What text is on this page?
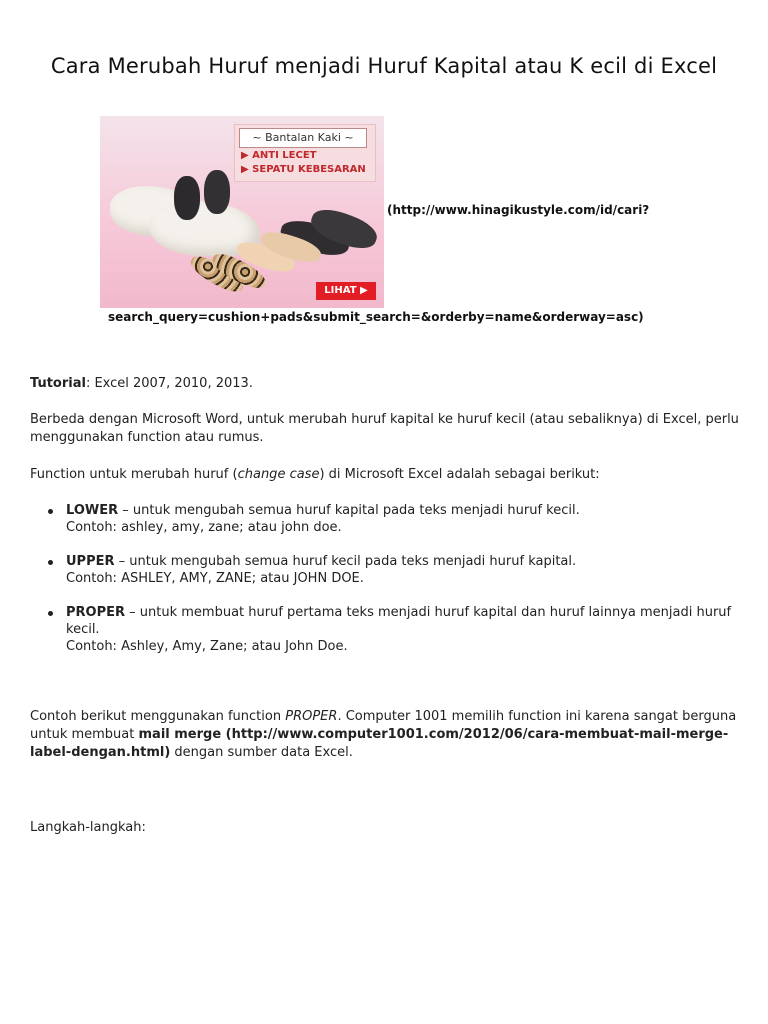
Cara Merubah Huruf menjadi Huruf Kapital atau K ecil di Excel
~ Bantalan Kaki ~
▶ ANTI LECET
▶ SEPATU KEBESARAN
LIHAT ▶
(http://www.hinagikustyle.com/id/cari?
search_query=cushion+pads&submit_search=&orderby=name&orderway=asc)
Tutorial: Excel 2007, 2010, 2013.
Berbeda dengan Microsoft Word, untuk merubah huruf kapital ke huruf kecil (atau sebaliknya) di Excel, perlu menggunakan function atau rumus.
Function untuk merubah huruf (change case) di Microsoft Excel adalah sebagai berikut:
LOWER – untuk mengubah semua huruf kapital pada teks menjadi huruf kecil.
Contoh: ashley, amy, zane; atau john doe.
UPPER – untuk mengubah semua huruf kecil pada teks menjadi huruf kapital.
Contoh: ASHLEY, AMY, ZANE; atau JOHN DOE.
PROPER – untuk membuat huruf pertama teks menjadi huruf kapital dan huruf lainnya menjadi huruf kecil.
Contoh: Ashley, Amy, Zane; atau John Doe.
Contoh berikut menggunakan function PROPER. Computer 1001 memilih function ini karena sangat berguna untuk membuat mail merge (http://www.computer1001.com/2012/06/cara-membuat-mail-merge-label-dengan.html) dengan sumber data Excel.
Langkah-langkah:
